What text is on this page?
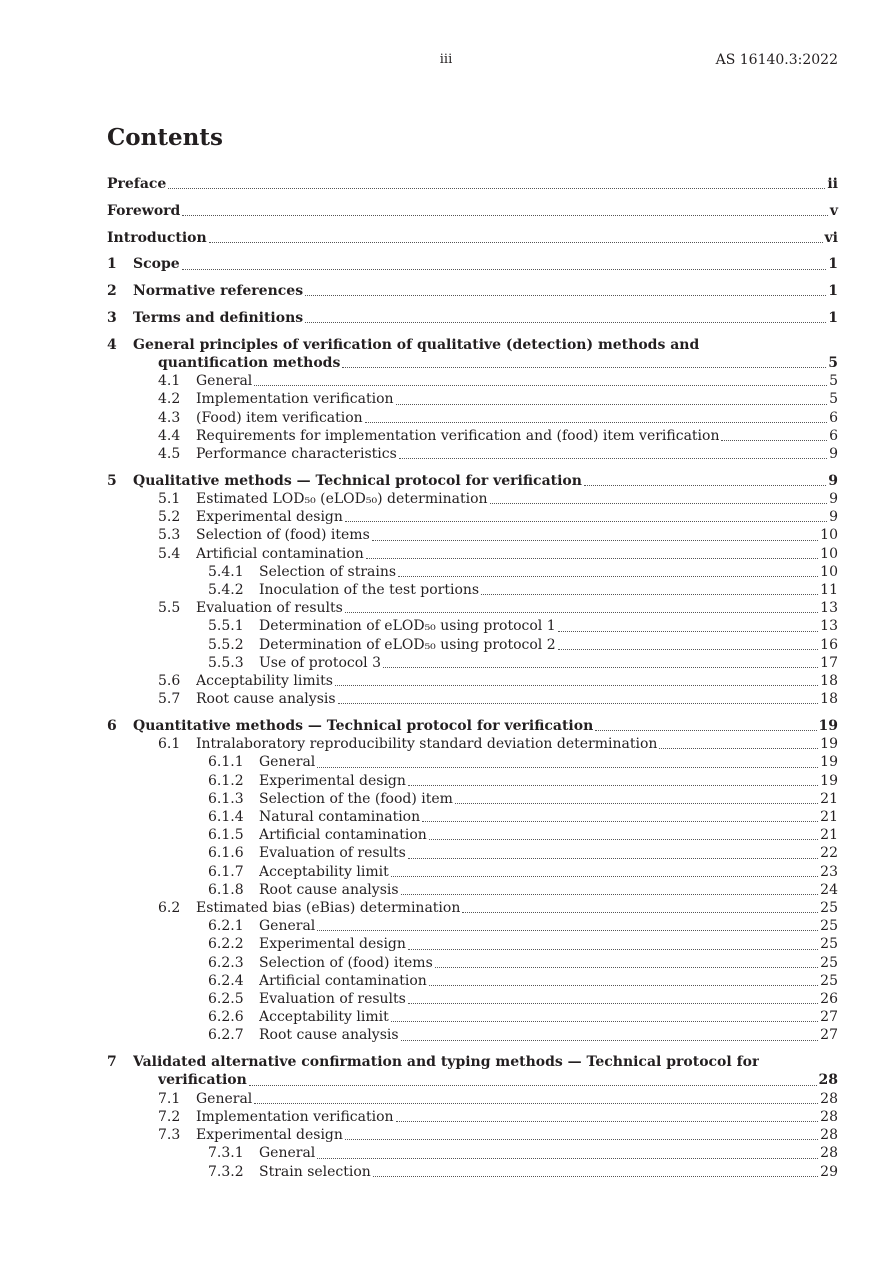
iii	AS 16140.3:2022
Contents
Preface	ii
Foreword	v
Introduction	vi
1	Scope	1
2	Normative references	1
3	Terms and definitions	1
4	General principles of verification of qualitative (detection) methods and
quantification methods	5
4.1	General	5
4.2	Implementation verification	5
4.3	(Food) item verification	6
4.4	Requirements for implementation verification and (food) item verification	6
4.5	Performance characteristics	9
5	Qualitative methods — Technical protocol for verification	9
5.1	Estimated LOD₅₀ (eLOD₅₀) determination	9
5.2	Experimental design	9
5.3	Selection of (food) items	10
5.4	Artificial contamination	10
5.4.1	Selection of strains	10
5.4.2	Inoculation of the test portions	11
5.5	Evaluation of results	13
5.5.1	Determination of eLOD₅₀ using protocol 1	13
5.5.2	Determination of eLOD₅₀ using protocol 2	16
5.5.3	Use of protocol 3	17
5.6	Acceptability limits	18
5.7	Root cause analysis	18
6	Quantitative methods — Technical protocol for verification	19
6.1	Intralaboratory reproducibility standard deviation determination	19
6.1.1	General	19
6.1.2	Experimental design	19
6.1.3	Selection of the (food) item	21
6.1.4	Natural contamination	21
6.1.5	Artificial contamination	21
6.1.6	Evaluation of results	22
6.1.7	Acceptability limit	23
6.1.8	Root cause analysis	24
6.2	Estimated bias (eBias) determination	25
6.2.1	General	25
6.2.2	Experimental design	25
6.2.3	Selection of (food) items	25
6.2.4	Artificial contamination	25
6.2.5	Evaluation of results	26
6.2.6	Acceptability limit	27
6.2.7	Root cause analysis	27
7	Validated alternative confirmation and typing methods — Technical protocol for
verification	28
7.1	General	28
7.2	Implementation verification	28
7.3	Experimental design	28
7.3.1	General	28
7.3.2	Strain selection	29
